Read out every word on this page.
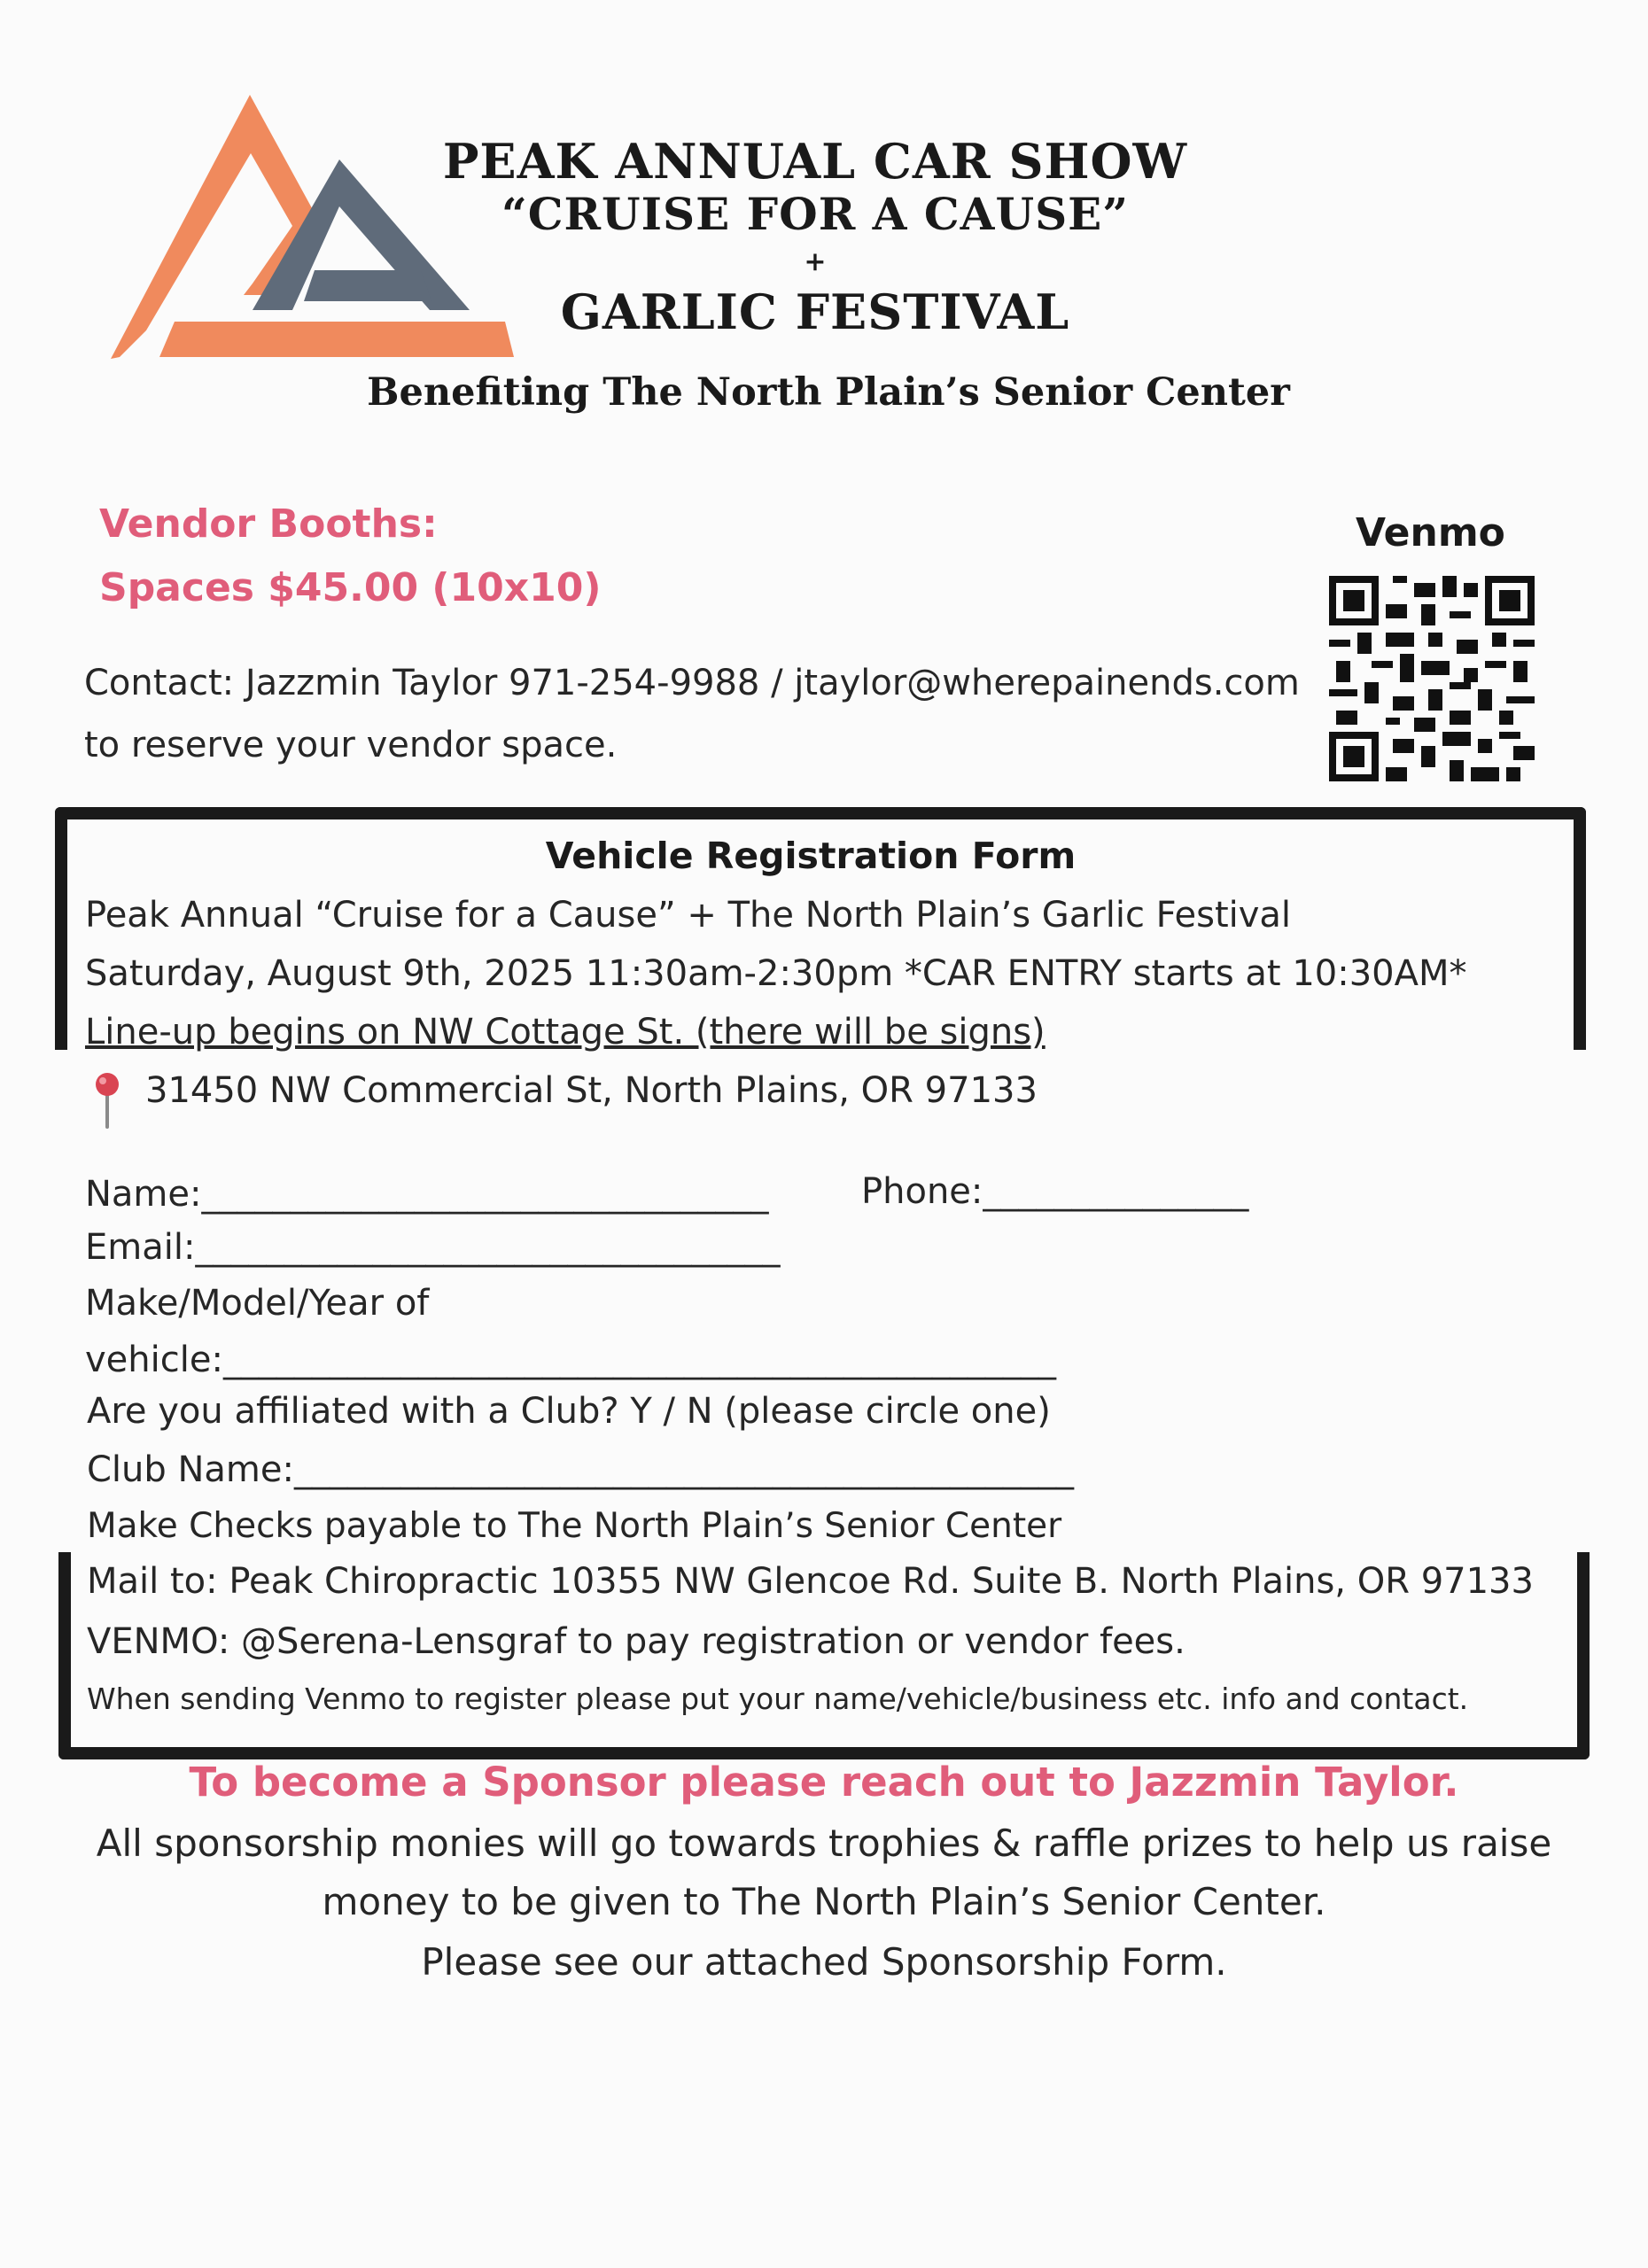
PEAK ANNUAL CAR SHOW
“CRUISE FOR A CAUSE”
+
GARLIC FESTIVAL
Benefiting The North Plain’s Senior Center
Vendor Booths:
Spaces $45.00 (10x10)
Venmo
Contact: Jazzmin Taylor 971-254-9988 / jtaylor@wherepainends.com
to reserve your vendor space.
Vehicle Registration Form
Peak Annual “Cruise for a Cause” + The North Plain’s Garlic Festival
Saturday, August 9th, 2025 11:30am-2:30pm *CAR ENTRY starts at 10:30AM*
Line-up begins on NW Cottage St. (there will be signs)
31450 NW Commercial St, North Plains, OR 97133
Name:________________________________	Phone:_______________
Email:_________________________________
Make/Model/Year of
vehicle:_______________________________________________
Are you affiliated with a Club? Y / N (please circle one)
Club Name:____________________________________________
Make Checks payable to The North Plain’s Senior Center
Mail to: Peak Chiropractic 10355 NW Glencoe Rd. Suite B. North Plains, OR 97133
VENMO: @Serena-Lensgraf to pay registration or vendor fees.
When sending Venmo to register please put your name/vehicle/business etc. info and contact.
To become a Sponsor please reach out to Jazzmin Taylor.
All sponsorship monies will go towards trophies & raffle prizes to help us raise
money to be given to The North Plain’s Senior Center.
Please see our attached Sponsorship Form.
